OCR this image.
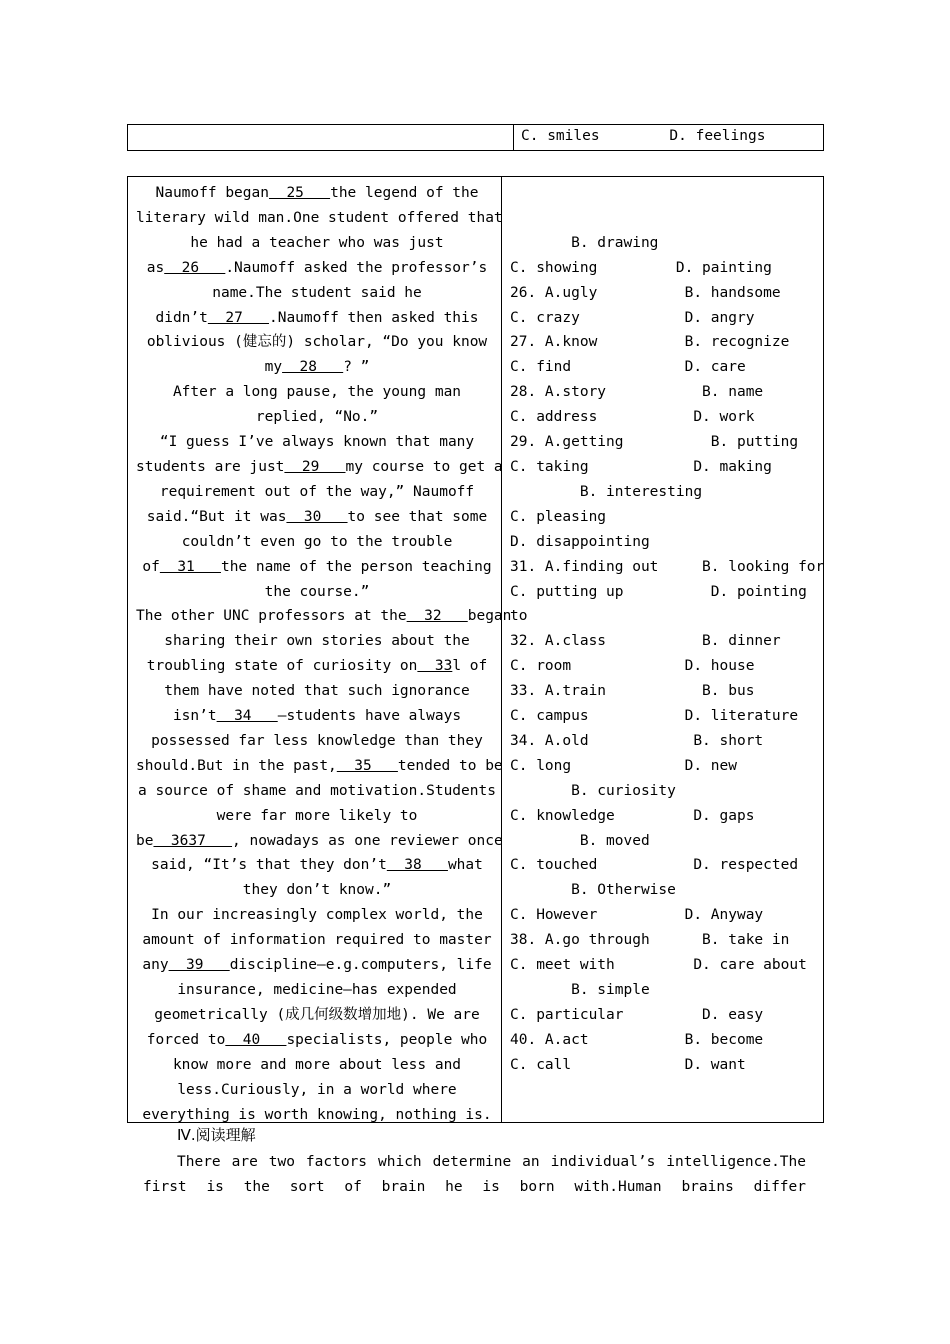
C. smiles        D. feelings
Naumoff began  25   the legend of the
literary wild man.One student offered that
he had a teacher who was just
as  26   .Naumoff asked the professor’s
name.The student said he
didn’t  27   .Naumoff then asked this
oblivious (健忘的) scholar, “Do you know
my  28   ? ”
After a long pause, the young man
replied, “No.”
“I guess I’ve always known that many
students are just  29   my course to get a
requirement out of the way,” Naumoff
said.“But it was  30   to see that some
couldn’t even go to the trouble
of  31   the name of the person teaching
the course.”
The other UNC professors at the  32   began
sharing their own stories about the
troubling state of curiosity on  33l of
them have noted that such ignorance
isn’t  34   —students have always
possessed far less knowledge than they
should.But in the past,  35   tended to be
a source of shame and motivation.Students
were far more likely to
be  3637   , nowadays as one reviewer once
said, “It’s that they don’t  38   what
they don’t know.”
In our increasingly complex world, the
amount of information required to master
any  39   discipline—e.g.computers, life
insurance, medicine—has expended
geometrically (成几何级数增加地). We are
forced to  40   specialists, people who
know more and more about less and
less.Curiously, in a world where
everything is worth knowing, nothing is.

B. drawing
C. showing         D. painting
26. A.ugly          B. handsome
C. crazy            D. angry
27. A.know          B. recognize
C. find             D. care
28. A.story           B. name
C. address           D. work
29. A.getting          B. putting
C. taking            D. making
B. interesting
C. pleasing
D. disappointing
31. A.finding out     B. looking for
C. putting up          D. pointing
to
32. A.class           B. dinner
C. room             D. house
33. A.train           B. bus
C. campus           D. literature
34. A.old            B. short
C. long             D. new
B. curiosity
C. knowledge         D. gaps
B. moved
C. touched           D. respected
B. Otherwise
C. However          D. Anyway
38. A.go through      B. take in
C. meet with         D. care about
B. simple
C. particular         D. easy
40. A.act           B. become
C. call             D. want
Ⅳ.阅读理解
There are two factors which determine an individual’s intelligence.The
first is the sort of brain he is born with.Human brains differ
